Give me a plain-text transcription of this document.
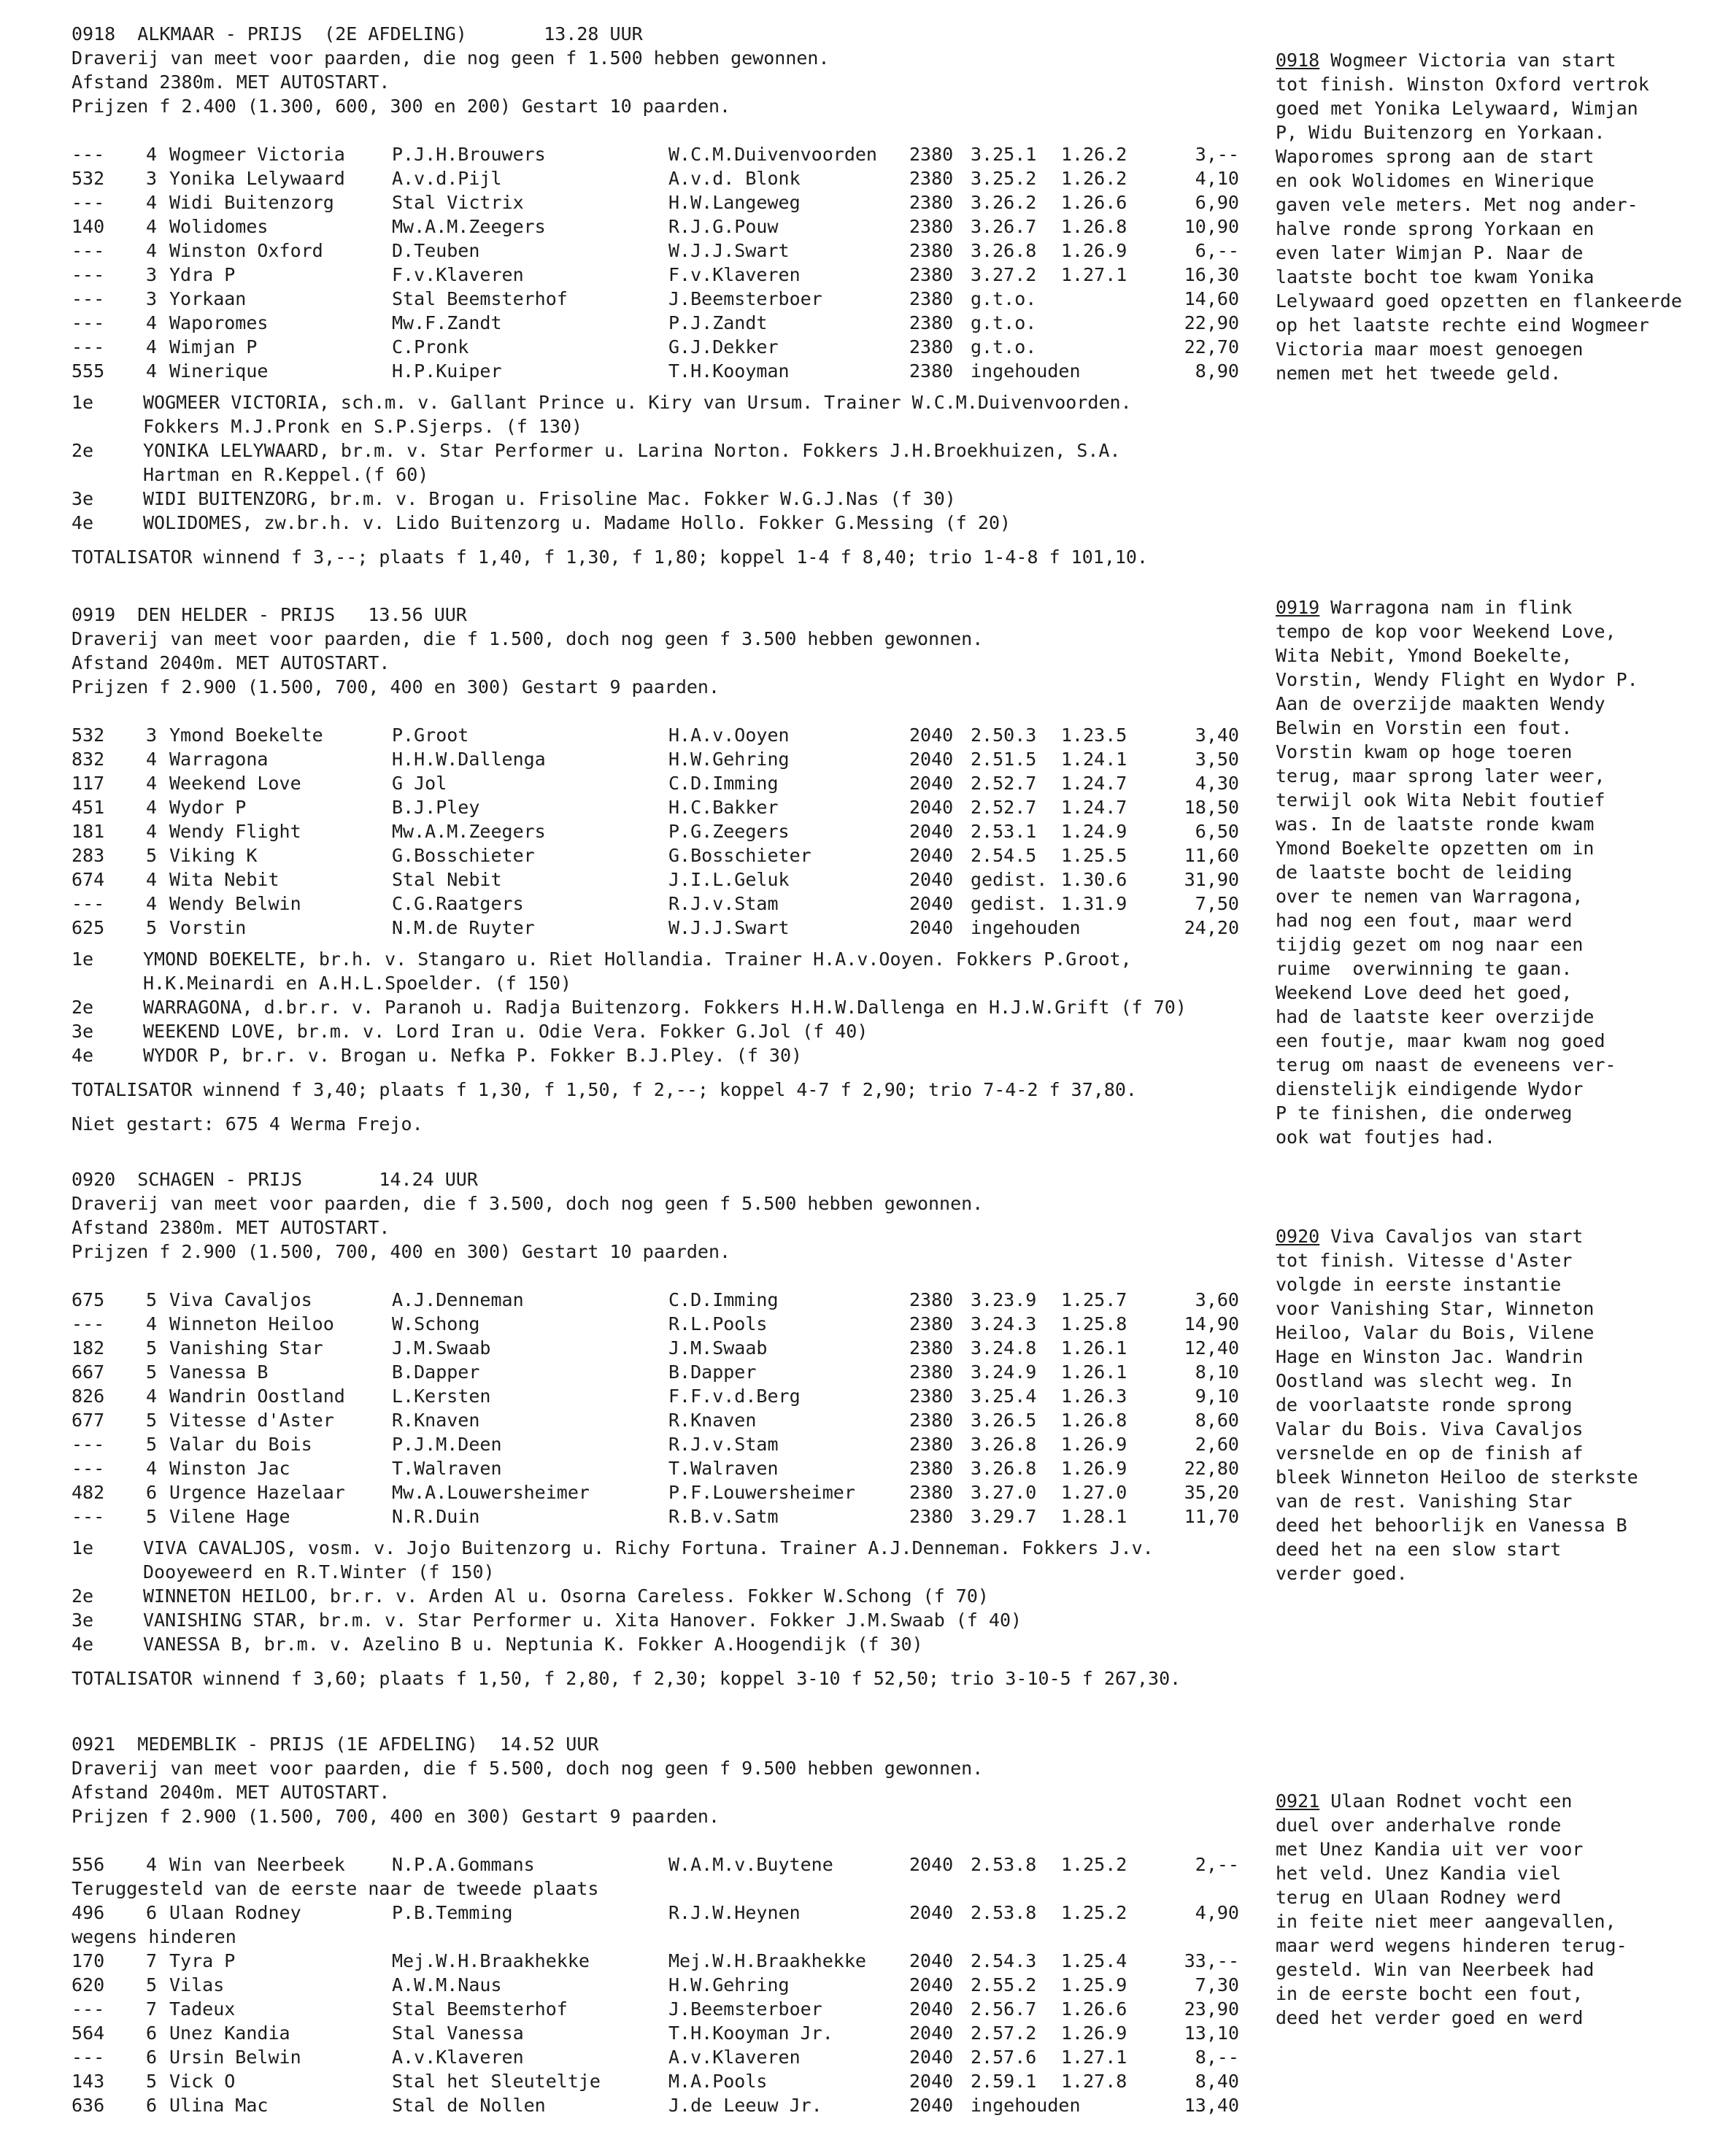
0918  ALKMAAR - PRIJS  (2E AFDELING)       13.28 UUR
Draverij van meet voor paarden, die nog geen f 1.500 hebben gewonnen.
Afstand 2380m. MET AUTOSTART.
Prijzen f 2.400 (1.300, 600, 300 en 200) Gestart 10 paarden.
--- 4 Wogmeer Victoria	P.J.H.Brouwers	W.C.M.Duivenvoorden 2380 3.25.1 1.26.2	3,--
532 3 Yonika Lelywaard	A.v.d.Pijl	A.v.d. Blonk	2380 3.25.2 1.26.2	4,10
--- 4 Widi Buitenzorg	Stal Victrix	H.W.Langeweg	2380 3.26.2 1.26.6	6,90
140 4 Wolidomes	Mw.A.M.Zeegers	R.J.G.Pouw	2380 3.26.7 1.26.8	10,90
--- 4 Winston Oxford	D.Teuben	W.J.J.Swart	2380 3.26.8 1.26.9	6,--
--- 3 Ydra P	F.v.Klaveren	F.v.Klaveren	2380 3.27.2 1.27.1	16,30
--- 3 Yorkaan	Stal Beemsterhof	J.Beemsterboer	2380 g.t.o.	14,60
--- 4 Waporomes	Mw.F.Zandt	P.J.Zandt	2380 g.t.o.	22,90
--- 4 Wimjan P	C.Pronk	G.J.Dekker	2380 g.t.o.	22,70
555 4 Winerique	H.P.Kuiper	T.H.Kooyman	2380 ingehouden	8,90
1e	WOGMEER VICTORIA, sch.m. v. Gallant Prince u. Kiry van Ursum. Trainer W.C.M.Duivenvoorden.
Fokkers M.J.Pronk en S.P.Sjerps. (f 130)
2e	YONIKA LELYWAARD, br.m. v. Star Performer u. Larina Norton. Fokkers J.H.Broekhuizen, S.A.
Hartman en R.Keppel.(f 60)
3e	WIDI BUITENZORG, br.m. v. Brogan u. Frisoline Mac. Fokker W.G.J.Nas (f 30)
4e	WOLIDOMES, zw.br.h. v. Lido Buitenzorg u. Madame Hollo. Fokker G.Messing (f 20)
TOTALISATOR winnend f 3,--; plaats f 1,40, f 1,30, f 1,80; koppel 1-4 f 8,40; trio 1-4-8 f 101,10.
0919  DEN HELDER - PRIJS   13.56 UUR
Draverij van meet voor paarden, die f 1.500, doch nog geen f 3.500 hebben gewonnen.
Afstand 2040m. MET AUTOSTART.
Prijzen f 2.900 (1.500, 700, 400 en 300) Gestart 9 paarden.
532 3 Ymond Boekelte	P.Groot	H.A.v.Ooyen	2040 2.50.3 1.23.5	3,40
832 4 Warragona	H.H.W.Dallenga	H.W.Gehring	2040 2.51.5 1.24.1	3,50
117 4 Weekend Love	G Jol	C.D.Imming	2040 2.52.7 1.24.7	4,30
451 4 Wydor P	B.J.Pley	H.C.Bakker	2040 2.52.7 1.24.7	18,50
181 4 Wendy Flight	Mw.A.M.Zeegers	P.G.Zeegers	2040 2.53.1 1.24.9	6,50
283 5 Viking K	G.Bosschieter	G.Bosschieter	2040 2.54.5 1.25.5	11,60
674 4 Wita Nebit	Stal Nebit	J.I.L.Geluk	2040 gedist. 1.30.6	31,90
--- 4 Wendy Belwin	C.G.Raatgers	R.J.v.Stam	2040 gedist. 1.31.9	7,50
625 5 Vorstin	N.M.de Ruyter	W.J.J.Swart	2040 ingehouden	24,20
1e	YMOND BOEKELTE, br.h. v. Stangaro u. Riet Hollandia. Trainer H.A.v.Ooyen. Fokkers P.Groot,
H.K.Meinardi en A.H.L.Spoelder. (f 150)
2e	WARRAGONA, d.br.r. v. Paranoh u. Radja Buitenzorg. Fokkers H.H.W.Dallenga en H.J.W.Grift (f 70)
3e	WEEKEND LOVE, br.m. v. Lord Iran u. Odie Vera. Fokker G.Jol (f 40)
4e	WYDOR P, br.r. v. Brogan u. Nefka P. Fokker B.J.Pley. (f 30)
TOTALISATOR winnend f 3,40; plaats f 1,30, f 1,50, f 2,--; koppel 4-7 f 2,90; trio 7-4-2 f 37,80.
Niet gestart: 675 4 Werma Frejo.
0920  SCHAGEN - PRIJS       14.24 UUR
Draverij van meet voor paarden, die f 3.500, doch nog geen f 5.500 hebben gewonnen.
Afstand 2380m. MET AUTOSTART.
Prijzen f 2.900 (1.500, 700, 400 en 300) Gestart 10 paarden.
675 5 Viva Cavaljos	A.J.Denneman	C.D.Imming	2380 3.23.9 1.25.7	3,60
--- 4 Winneton Heiloo	W.Schong	R.L.Pools	2380 3.24.3 1.25.8	14,90
182 5 Vanishing Star	J.M.Swaab	J.M.Swaab	2380 3.24.8 1.26.1	12,40
667 5 Vanessa B	B.Dapper	B.Dapper	2380 3.24.9 1.26.1	8,10
826 4 Wandrin Oostland	L.Kersten	F.F.v.d.Berg	2380 3.25.4 1.26.3	9,10
677 5 Vitesse d'Aster	R.Knaven	R.Knaven	2380 3.26.5 1.26.8	8,60
--- 5 Valar du Bois	P.J.M.Deen	R.J.v.Stam	2380 3.26.8 1.26.9	2,60
--- 4 Winston Jac	T.Walraven	T.Walraven	2380 3.26.8 1.26.9	22,80
482 6 Urgence Hazelaar	Mw.A.Louwersheimer	P.F.Louwersheimer	2380 3.27.0 1.27.0	35,20
--- 5 Vilene Hage	N.R.Duin	R.B.v.Satm	2380 3.29.7 1.28.1	11,70
1e	VIVA CAVALJOS, vosm. v. Jojo Buitenzorg u. Richy Fortuna. Trainer A.J.Denneman. Fokkers J.v.
Dooyeweerd en R.T.Winter (f 150)
2e	WINNETON HEILOO, br.r. v. Arden Al u. Osorna Careless. Fokker W.Schong (f 70)
3e	VANISHING STAR, br.m. v. Star Performer u. Xita Hanover. Fokker J.M.Swaab (f 40)
4e	VANESSA B, br.m. v. Azelino B u. Neptunia K. Fokker A.Hoogendijk (f 30)
TOTALISATOR winnend f 3,60; plaats f 1,50, f 2,80, f 2,30; koppel 3-10 f 52,50; trio 3-10-5 f 267,30.
0921  MEDEMBLIK - PRIJS (1E AFDELING)  14.52 UUR
Draverij van meet voor paarden, die f 5.500, doch nog geen f 9.500 hebben gewonnen.
Afstand 2040m. MET AUTOSTART.
Prijzen f 2.900 (1.500, 700, 400 en 300) Gestart 9 paarden.
556 4 Win van Neerbeek	N.P.A.Gommans	W.A.M.v.Buytene	2040 2.53.8 1.25.2	2,--
Teruggesteld van de eerste naar de tweede plaats
496 6 Ulaan Rodney	P.B.Temming	R.J.W.Heynen	2040 2.53.8 1.25.2	4,90
wegens hinderen
170 7 Tyra P	Mej.W.H.Braakhekke	Mej.W.H.Braakhekke 2040 2.54.3 1.25.4	33,--
620 5 Vilas	A.W.M.Naus	H.W.Gehring	2040 2.55.2 1.25.9	7,30
--- 7 Tadeux	Stal Beemsterhof	J.Beemsterboer	2040 2.56.7 1.26.6	23,90
564 6 Unez Kandia	Stal Vanessa	T.H.Kooyman Jr.	2040 2.57.2 1.26.9	13,10
--- 6 Ursin Belwin	A.v.Klaveren	A.v.Klaveren	2040 2.57.6 1.27.1	8,--
143 5 Vick O	Stal het Sleuteltje	M.A.Pools	2040 2.59.1 1.27.8	8,40
636 6 Ulina Mac	Stal de Nollen	J.de Leeuw Jr.	2040 ingehouden	13,40
0918 Wogmeer Victoria van start
tot finish. Winston Oxford vertrok
goed met Yonika Lelywaard, Wimjan
P, Widu Buitenzorg en Yorkaan.
Waporomes sprong aan de start
en ook Wolidomes en Winerique
gaven vele meters. Met nog ander-
halve ronde sprong Yorkaan en
even later Wimjan P. Naar de
laatste bocht toe kwam Yonika
Lelywaard goed opzetten en flankeerde
op het laatste rechte eind Wogmeer
Victoria maar moest genoegen
nemen met het tweede geld.
0919 Warragona nam in flink
tempo de kop voor Weekend Love,
Wita Nebit, Ymond Boekelte,
Vorstin, Wendy Flight en Wydor P.
Aan de overzijde maakten Wendy
Belwin en Vorstin een fout.
Vorstin kwam op hoge toeren
terug, maar sprong later weer,
terwijl ook Wita Nebit foutief
was. In de laatste ronde kwam
Ymond Boekelte opzetten om in
de laatste bocht de leiding
over te nemen van Warragona,
had nog een fout, maar werd
tijdig gezet om nog naar een
ruime  overwinning te gaan.
Weekend Love deed het goed,
had de laatste keer overzijde
een foutje, maar kwam nog goed
terug om naast de eveneens ver-
dienstelijk eindigende Wydor
P te finishen, die onderweg
ook wat foutjes had.
0920 Viva Cavaljos van start
tot finish. Vitesse d'Aster
volgde in eerste instantie
voor Vanishing Star, Winneton
Heiloo, Valar du Bois, Vilene
Hage en Winston Jac. Wandrin
Oostland was slecht weg. In
de voorlaatste ronde sprong
Valar du Bois. Viva Cavaljos
versnelde en op de finish af
bleek Winneton Heiloo de sterkste
van de rest. Vanishing Star
deed het behoorlijk en Vanessa B
deed het na een slow start
verder goed.
0921 Ulaan Rodnet vocht een
duel over anderhalve ronde
met Unez Kandia uit ver voor
het veld. Unez Kandia viel
terug en Ulaan Rodney werd
in feite niet meer aangevallen,
maar werd wegens hinderen terug-
gesteld. Win van Neerbeek had
in de eerste bocht een fout,
deed het verder goed en werd
